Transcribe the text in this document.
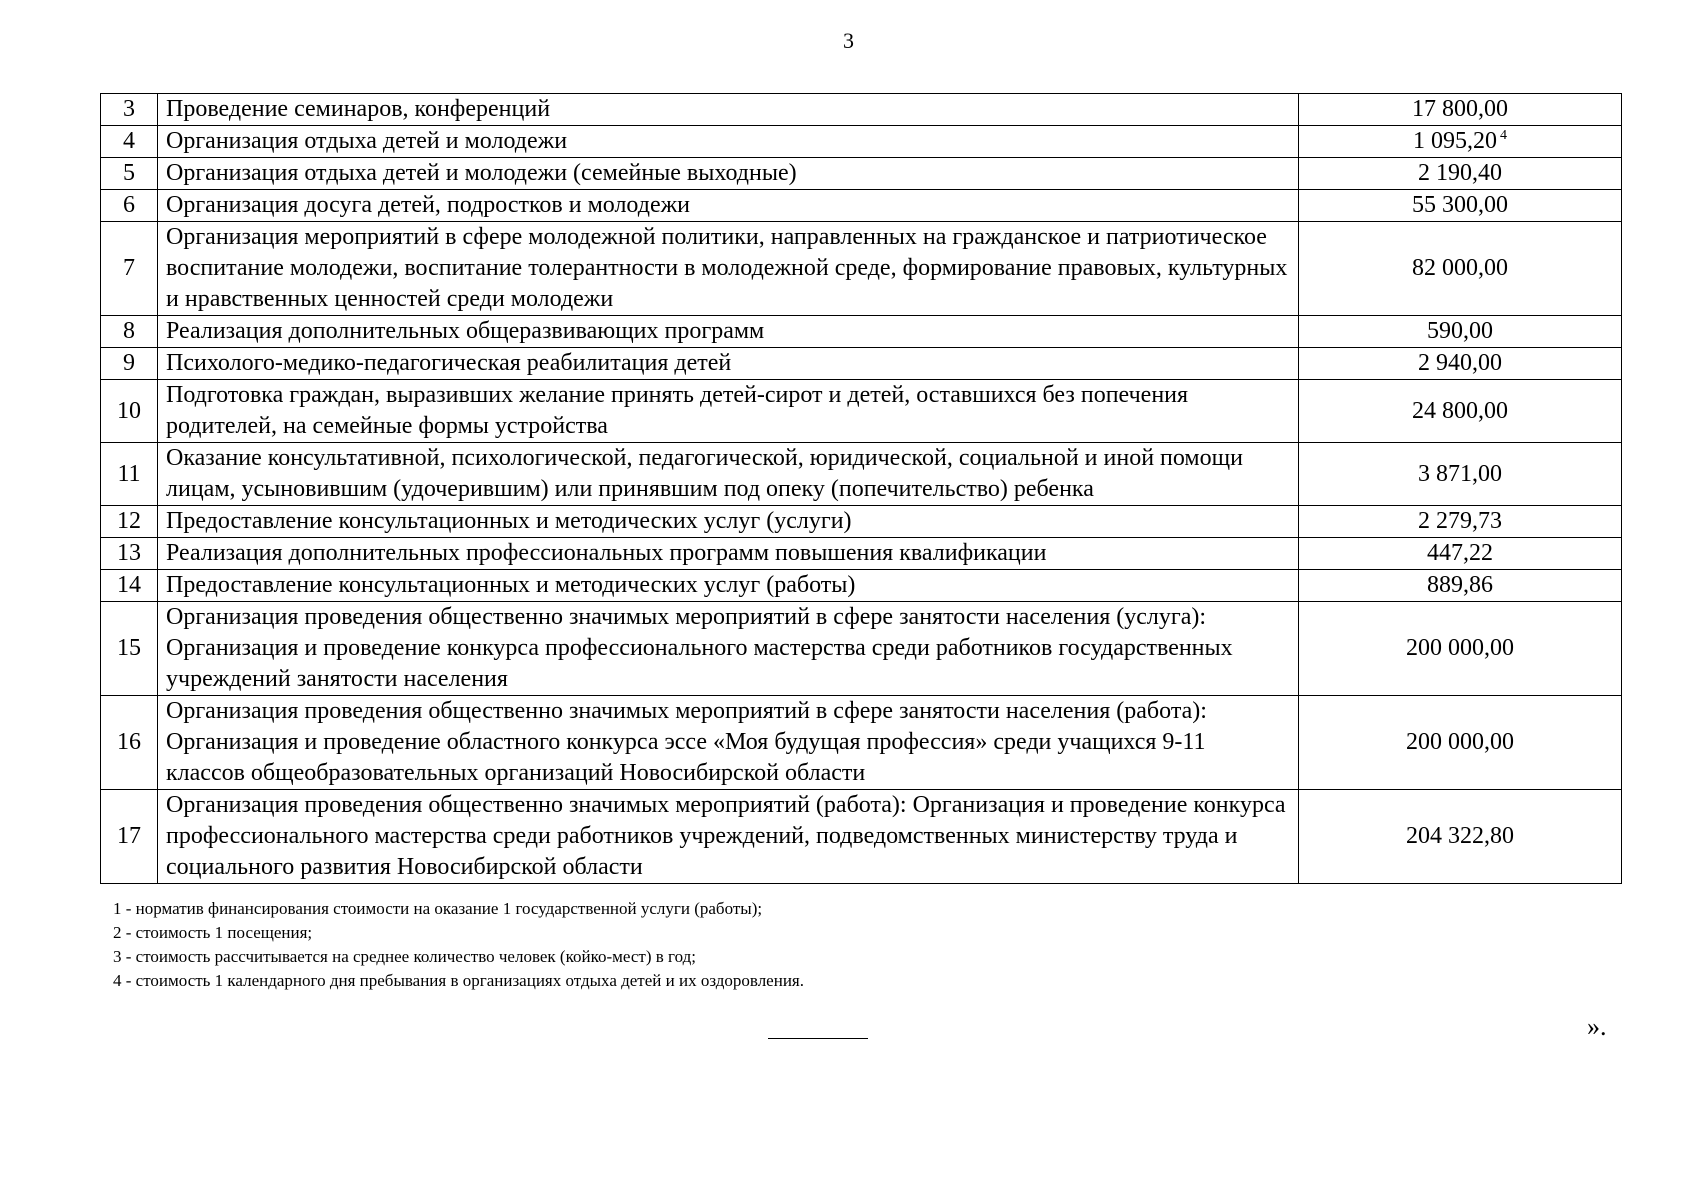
3
3	Проведение семинаров, конференций	17 800,00
4	Организация отдыха детей и молодежи	1 095,20 $^4$
5	Организация отдыха детей и молодежи (семейные выходные)	2 190,40
6	Организация досуга детей, подростков и молодежи	55 300,00
7	Организация мероприятий в сфере молодежной политики, направленных на гражданское и патриотическое воспитание молодежи, воспитание толерантности в молодежной среде, формирование правовых, культурных и нравственных ценностей среди молодежи	82 000,00
8	Реализация дополнительных общеразвивающих программ	590,00
9	Психолого-медико-педагогическая реабилитация детей	2 940,00
10	Подготовка граждан, выразивших желание принять детей-сирот и детей, оставшихся без попечения родителей, на семейные формы устройства	24 800,00
11	Оказание консультативной, психологической, педагогической, юридической, социальной и иной помощи лицам, усыновившим (удочерившим) или принявшим под опеку (попечительство) ребенка	3 871,00
12	Предоставление консультационных и методических услуг (услуги)	2 279,73
13	Реализация дополнительных профессиональных программ повышения квалификации	447,22
14	Предоставление консультационных и методических услуг (работы)	889,86
15	Организация проведения общественно значимых мероприятий в сфере занятости населения (услуга): Организация и проведение конкурса профессионального мастерства среди работников государственных учреждений занятости населения	200 000,00
16	Организация проведения общественно значимых мероприятий в сфере занятости населения (работа): Организация и проведение областного конкурса эссе «Моя будущая профессия» среди учащихся 9-11 классов общеобразовательных организаций Новосибирской области	200 000,00
17	Организация проведения общественно значимых мероприятий (работа): Организация и проведение конкурса профессионального мастерства среди работников учреждений, подведомственных министерству труда и социального развития Новосибирской области	204 322,80
1 - норматив финансирования стоимости на оказание 1 государственной услуги (работы);
2 - стоимость 1 посещения;
3 - стоимость рассчитывается на среднее количество человек (койко-мест) в год;
4 - стоимость 1 календарного дня пребывания в организациях отдыха детей и их оздоровления.
».
